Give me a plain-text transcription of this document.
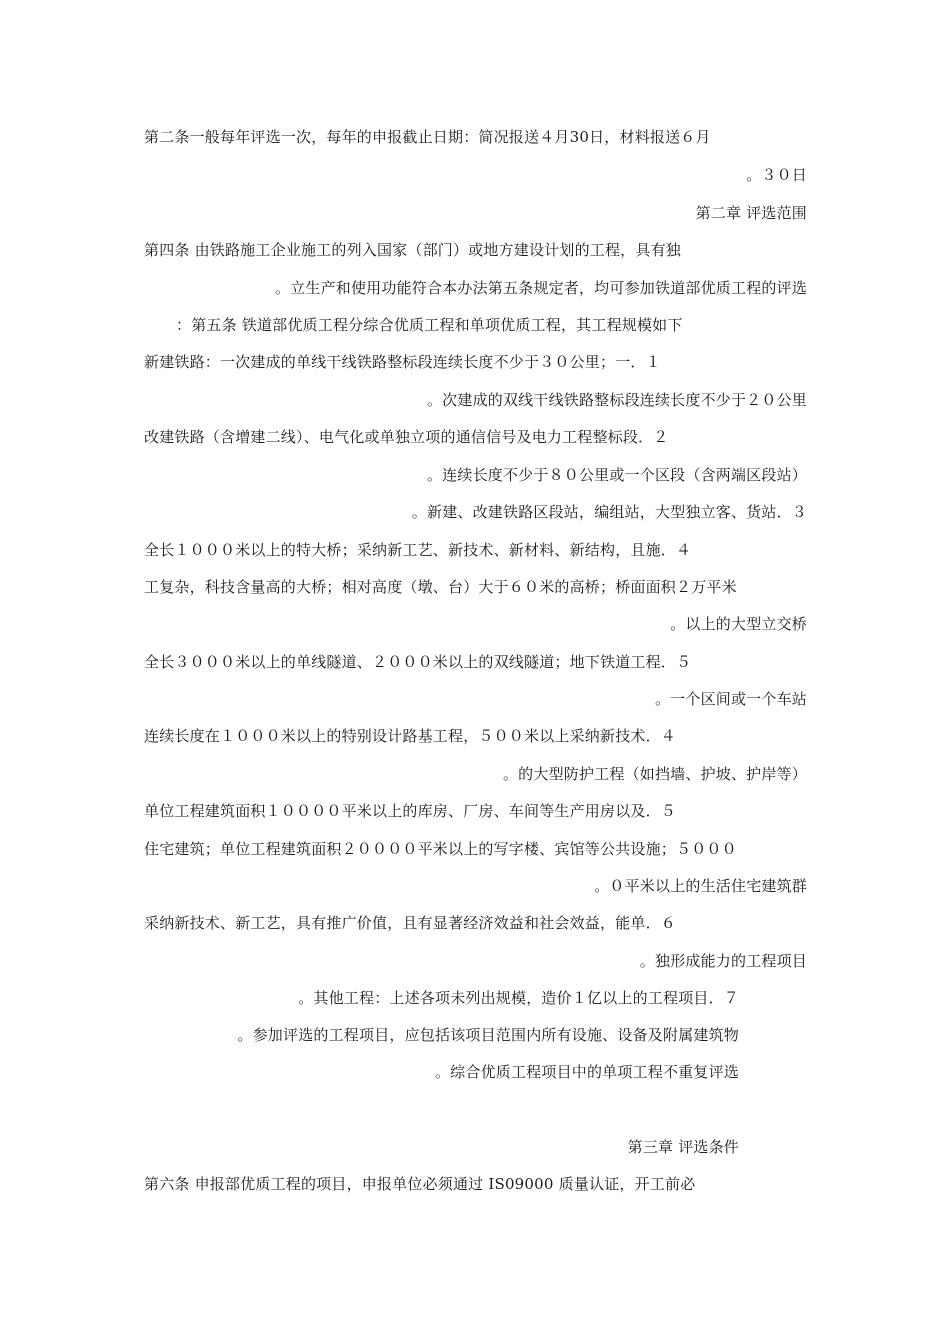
第二条一般每年评选一次，每年的申报截止日期：简况报送４月30日，材料报送６月
。３０日
第二章 评选范围
第四条 由铁路施工企业施工的列入国家（部门）或地方建设计划的工程，具有独
。立生产和使用功能符合本办法第五条规定者，均可参加铁道部优质工程的评选
：第五条 铁道部优质工程分综合优质工程和单项优质工程，其工程规模如下
新建铁路：一次建成的单线干线铁路整标段连续长度不少于３０公里；一．１
。次建成的双线干线铁路整标段连续长度不少于２０公里
改建铁路（含增建二线）、电气化或单独立项的通信信号及电力工程整标段．２
。连续长度不少于８０公里或一个区段（含两端区段站）
。新建、改建铁路区段站，编组站，大型独立客、货站．３
全长１０００米以上的特大桥；采纳新工艺、新技术、新材料、新结构，且施．４
工复杂，科技含量高的大桥；相对高度（墩、台）大于６０米的高桥；桥面面积２万平米
。以上的大型立交桥
全长３０００米以上的单线隧道、２０００米以上的双线隧道；地下铁道工程．５
。一个区间或一个车站
连续长度在１０００米以上的特别设计路基工程，５００米以上采纳新技术．４
。的大型防护工程（如挡墙、护坡、护岸等）
单位工程建筑面积１００００平米以上的库房、厂房、车间等生产用房以及．５
住宅建筑；单位工程建筑面积２００００平米以上的写字楼、宾馆等公共设施；５０００
。０平米以上的生活住宅建筑群
采纳新技术、新工艺，具有推广价值，且有显著经济效益和社会效益，能单．６
。独形成能力的工程项目
。其他工程：上述各项未列出规模，造价１亿以上的工程项目．７
。参加评选的工程项目，应包括该项目范围内所有设施、设备及附属建筑物
。综合优质工程项目中的单项工程不重复评选
第三章 评选条件
第六条 申报部优质工程的项目，申报单位必须通过 IS09000 质量认证，开工前必
